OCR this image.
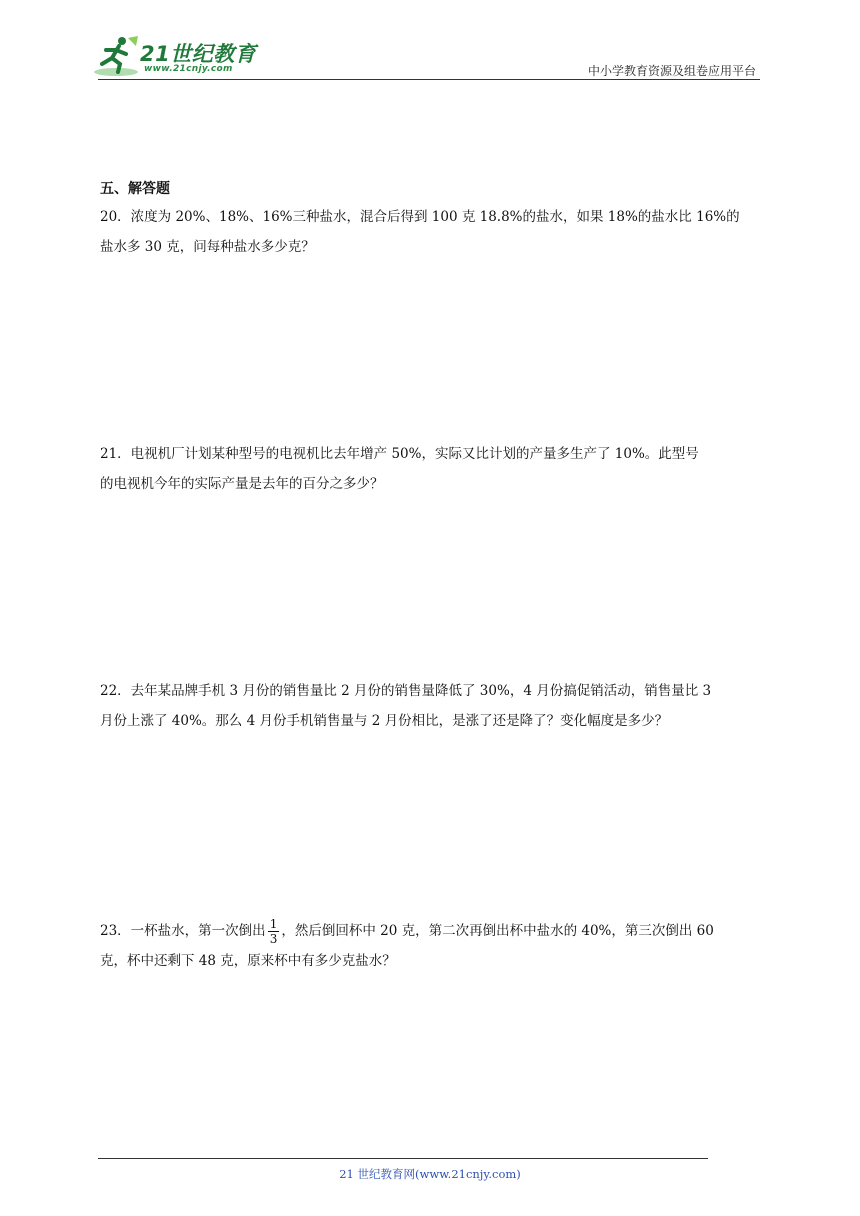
21世纪教育
www.21cnjy.com	中小学教育资源及组卷应用平台
五、解答题
20．浓度为 20%、18%、16%三种盐水，混合后得到 100 克 18.8%的盐水，如果 18%的盐水比 16%的
盐水多 30 克，问每种盐水多少克？
21．电视机厂计划某种型号的电视机比去年增产 50%，实际又比计划的产量多生产了 10%。此型号
的电视机今年的实际产量是去年的百分之多少？
22．去年某品牌手机 3 月份的销售量比 2 月份的销售量降低了 30%，4 月份搞促销活动，销售量比 3
月份上涨了 40%。那么 4 月份手机销售量与 2 月份相比，是涨了还是降了？变化幅度是多少？
23．一杯盐水，第一次倒出 $\frac{1}{3}$ ，然后倒回杯中 20 克，第二次再倒出杯中盐水的 40%，第三次倒出 60
克，杯中还剩下 48 克，原来杯中有多少克盐水？
21 世纪教育网(www.21cnjy.com)
